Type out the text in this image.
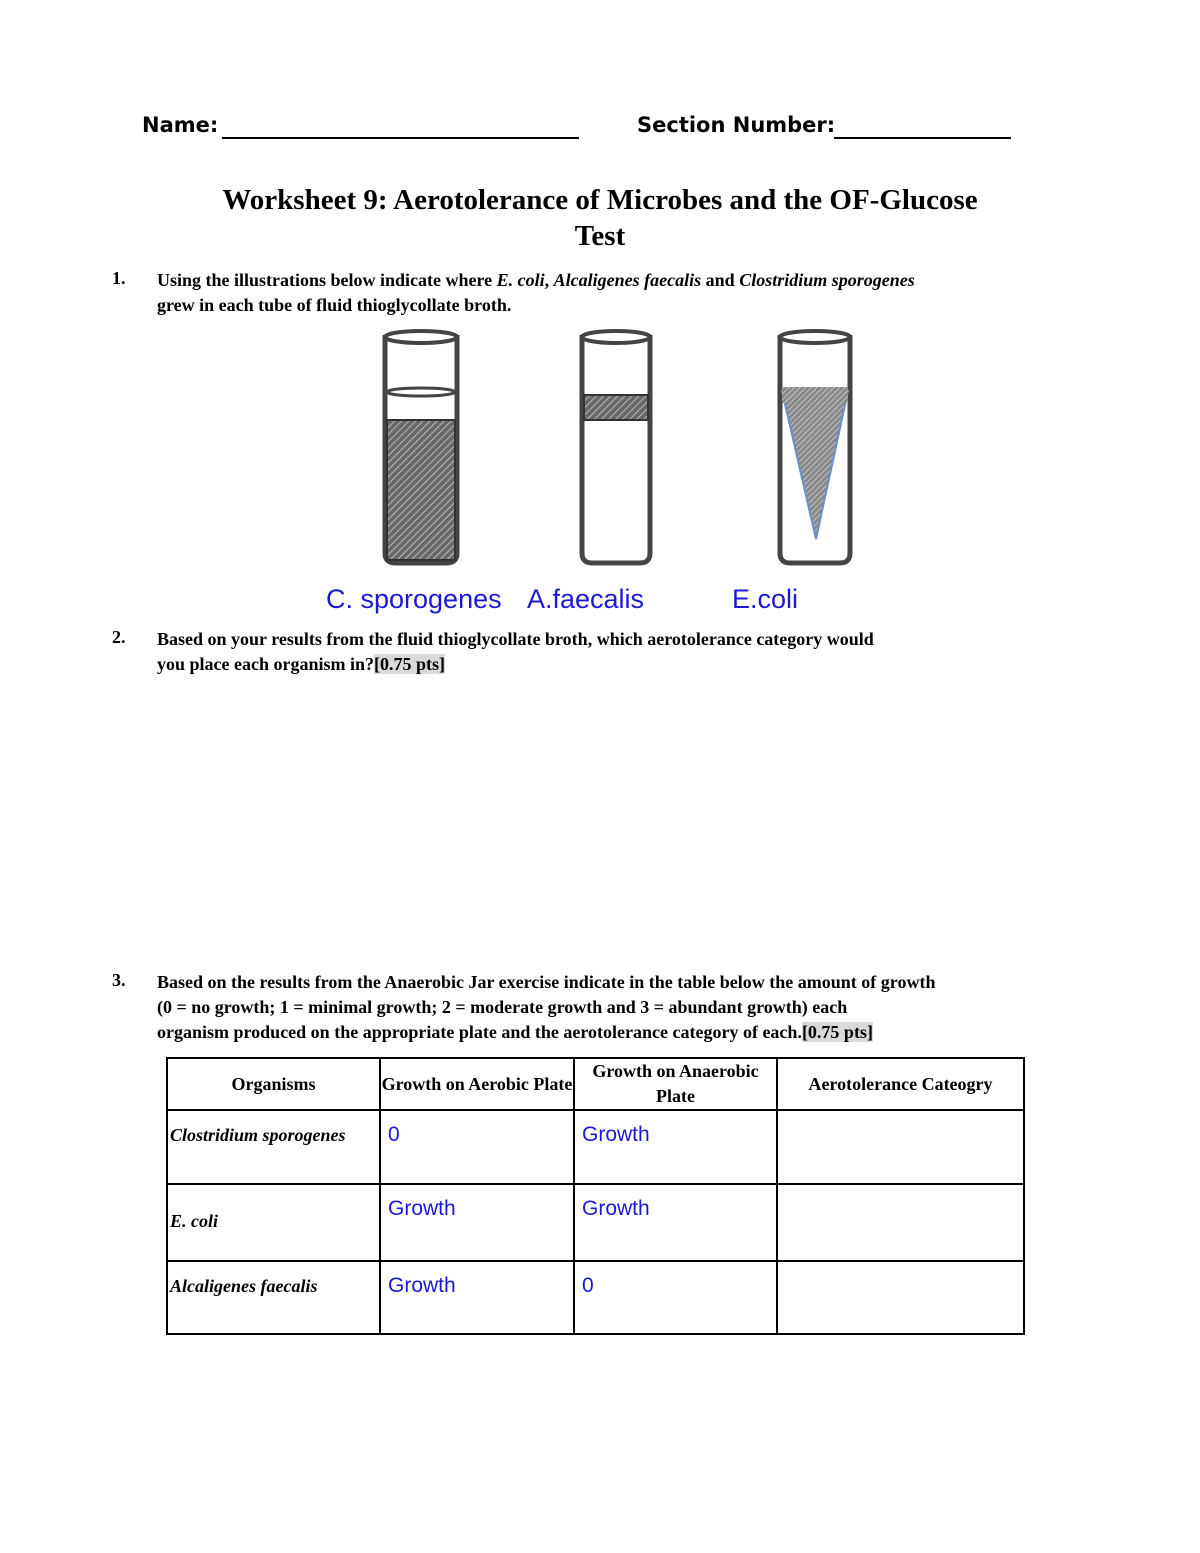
Name:	Section Number:
Worksheet 9: Aerotolerance of Microbes and the OF-Glucose
Test
1. Using the illustrations below indicate where E. coli, Alcaligenes faecalis and Clostridium sporogenes
grew in each tube of fluid thioglycollate broth.
C. sporogenes A.faecalis	E.coli
2. Based on your results from the fluid thioglycollate broth, which aerotolerance category would
you place each organism in?[0.75 pts]
3. Based on the results from the Anaerobic Jar exercise indicate in the table below the amount of growth
(0 = no growth; 1 = minimal growth; 2 = moderate growth and 3 = abundant growth) each
organism produced on the appropriate plate and the aerotolerance category of each.[0.75 pts]
Organisms	Growth on Aerobic Plate	Growth on Anaerobic Plate	Aerotolerance Cateogry
Clostridium sporogenes	0	Growth	
E. coli	Growth	Growth	
Alcaligenes faecalis	Growth	0	
